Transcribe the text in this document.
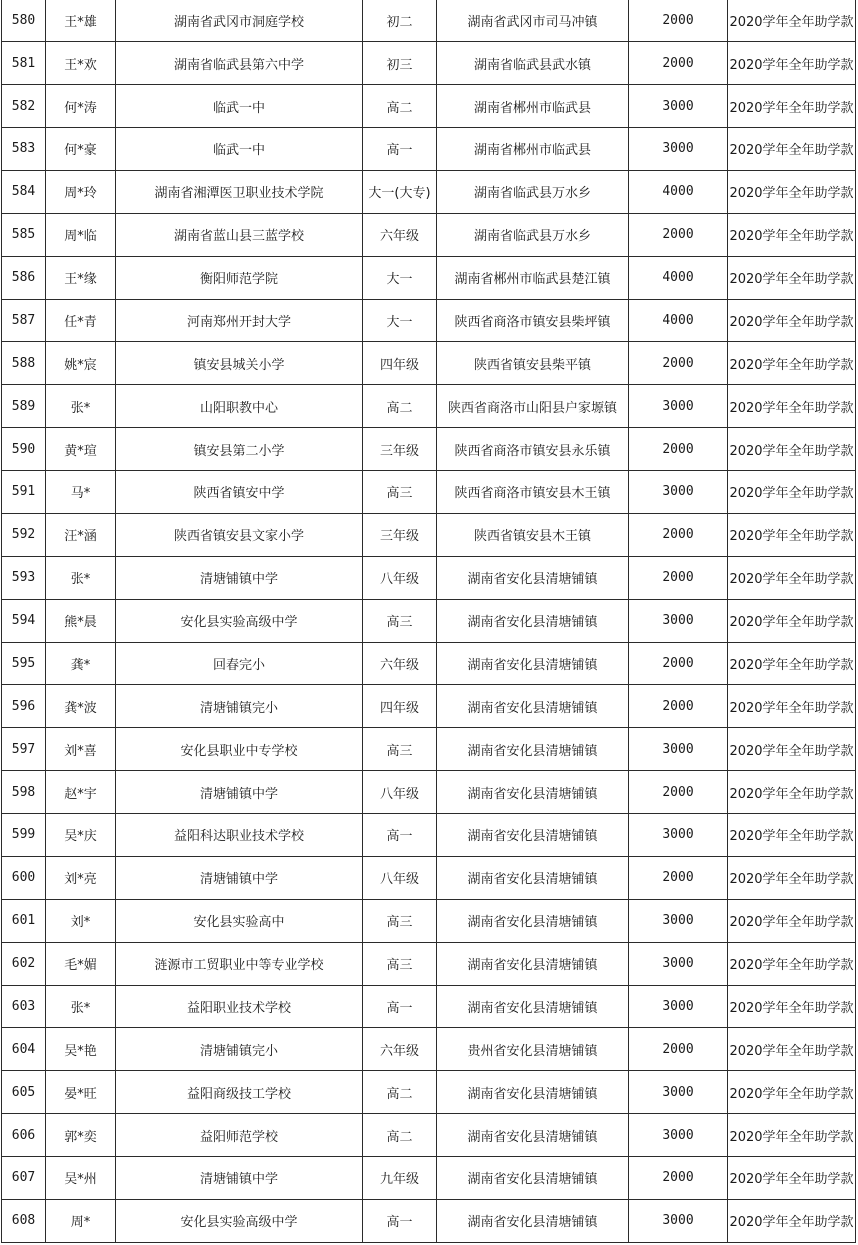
580	王*雄	湖南省武冈市洞庭学校	初二	湖南省武冈市司马冲镇	2000	2020学年全年助学款
581	王*欢	湖南省临武县第六中学	初三	湖南省临武县武水镇	2000	2020学年全年助学款
582	何*涛	临武一中	高二	湖南省郴州市临武县	3000	2020学年全年助学款
583	何*豪	临武一中	高一	湖南省郴州市临武县	3000	2020学年全年助学款
584	周*玲	湖南省湘潭医卫职业技术学院	大一(大专)	湖南省临武县万水乡	4000	2020学年全年助学款
585	周*临	湖南省蓝山县三蓝学校	六年级	湖南省临武县万水乡	2000	2020学年全年助学款
586	王*缘	衡阳师范学院	大一	湖南省郴州市临武县楚江镇	4000	2020学年全年助学款
587	任*青	河南郑州开封大学	大一	陕西省商洛市镇安县柴坪镇	4000	2020学年全年助学款
588	姚*宸	镇安县城关小学	四年级	陕西省镇安县柴平镇	2000	2020学年全年助学款
589	张*	山阳职教中心	高二	陕西省商洛市山阳县户家塬镇	3000	2020学年全年助学款
590	黄*瑄	镇安县第二小学	三年级	陕西省商洛市镇安县永乐镇	2000	2020学年全年助学款
591	马*	陕西省镇安中学	高三	陕西省商洛市镇安县木王镇	3000	2020学年全年助学款
592	汪*涵	陕西省镇安县文家小学	三年级	陕西省镇安县木王镇	2000	2020学年全年助学款
593	张*	清塘铺镇中学	八年级	湖南省安化县清塘铺镇	2000	2020学年全年助学款
594	熊*晨	安化县实验高级中学	高三	湖南省安化县清塘铺镇	3000	2020学年全年助学款
595	龚*	回春完小	六年级	湖南省安化县清塘铺镇	2000	2020学年全年助学款
596	龚*波	清塘铺镇完小	四年级	湖南省安化县清塘铺镇	2000	2020学年全年助学款
597	刘*喜	安化县职业中专学校	高三	湖南省安化县清塘铺镇	3000	2020学年全年助学款
598	赵*宇	清塘铺镇中学	八年级	湖南省安化县清塘铺镇	2000	2020学年全年助学款
599	吴*庆	益阳科达职业技术学校	高一	湖南省安化县清塘铺镇	3000	2020学年全年助学款
600	刘*亮	清塘铺镇中学	八年级	湖南省安化县清塘铺镇	2000	2020学年全年助学款
601	刘*	安化县实验高中	高三	湖南省安化县清塘铺镇	3000	2020学年全年助学款
602	毛*媚	涟源市工贸职业中等专业学校	高三	湖南省安化县清塘铺镇	3000	2020学年全年助学款
603	张*	益阳职业技术学校	高一	湖南省安化县清塘铺镇	3000	2020学年全年助学款
604	吴*艳	清塘铺镇完小	六年级	贵州省安化县清塘铺镇	2000	2020学年全年助学款
605	晏*旺	益阳商级技工学校	高二	湖南省安化县清塘铺镇	3000	2020学年全年助学款
606	郭*奕	益阳师范学校	高二	湖南省安化县清塘铺镇	3000	2020学年全年助学款
607	吴*州	清塘铺镇中学	九年级	湖南省安化县清塘铺镇	2000	2020学年全年助学款
608	周*	安化县实验高级中学	高一	湖南省安化县清塘铺镇	3000	2020学年全年助学款
